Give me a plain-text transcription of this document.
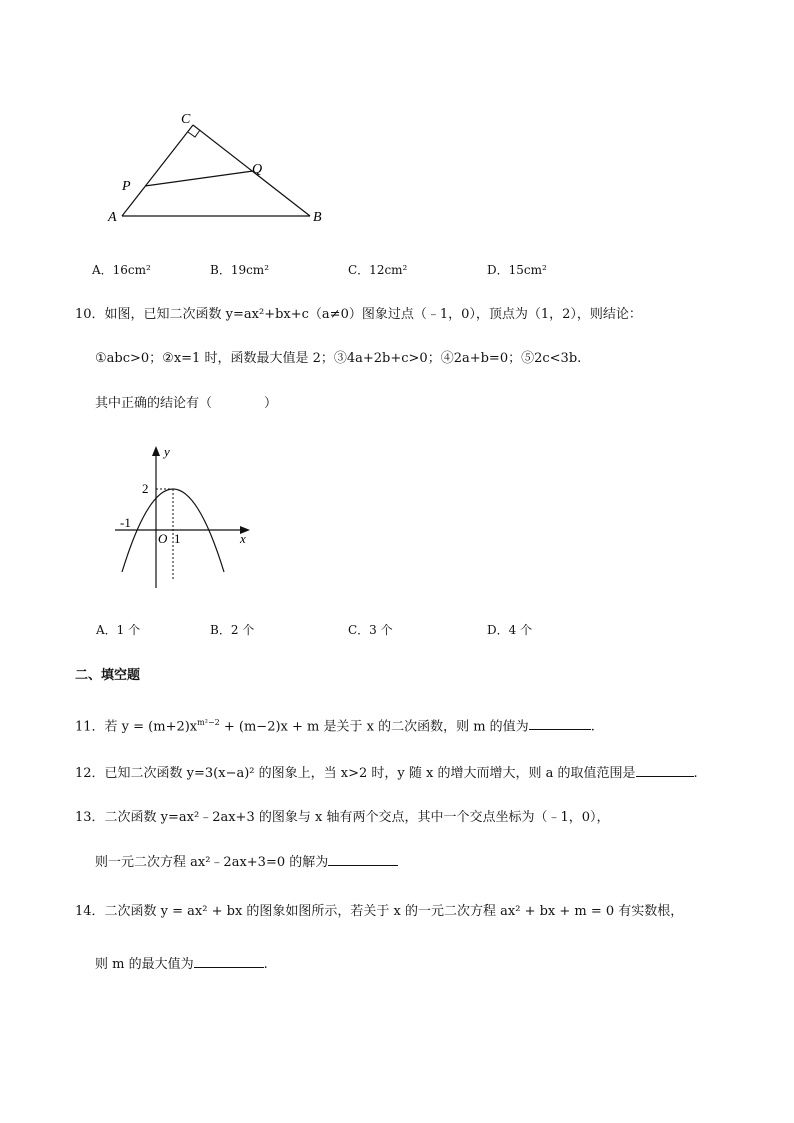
C
P
Q
A	B
A．16cm²	B．19cm²	C．12cm²	D．15cm²
10．如图，已知二次函数 y=ax²+bx+c（a≠0）图象过点（﹣1，0），顶点为（1，2），则结论：
①abc>0；②x=1 时，函数最大值是 2；③4a+2b+c>0；④2a+b=0；⑤2c<3b.
其中正确的结论有（　　　　）
y
x
2
-1
O 1
A．1 个	B．2 个	C．3 个	D．4 个
二、填空题
11．若 $y = (m+2)x^{m^2-2} + (m-2)x + m$ 是关于 x 的二次函数，则 m 的值为	.
12．已知二次函数 y=3(x−a)² 的图象上，当 x>2 时，y 随 x 的增大而增大，则 a 的取值范围是	.
13．二次函数 y=ax²﹣2ax+3 的图象与 x 轴有两个交点，其中一个交点坐标为（﹣1，0），
则一元二次方程 ax²﹣2ax+3=0 的解为
14．二次函数 y = ax² + bx 的图象如图所示，若关于 x 的一元二次方程 ax² + bx + m = 0 有实数根，
则 m 的最大值为	.
